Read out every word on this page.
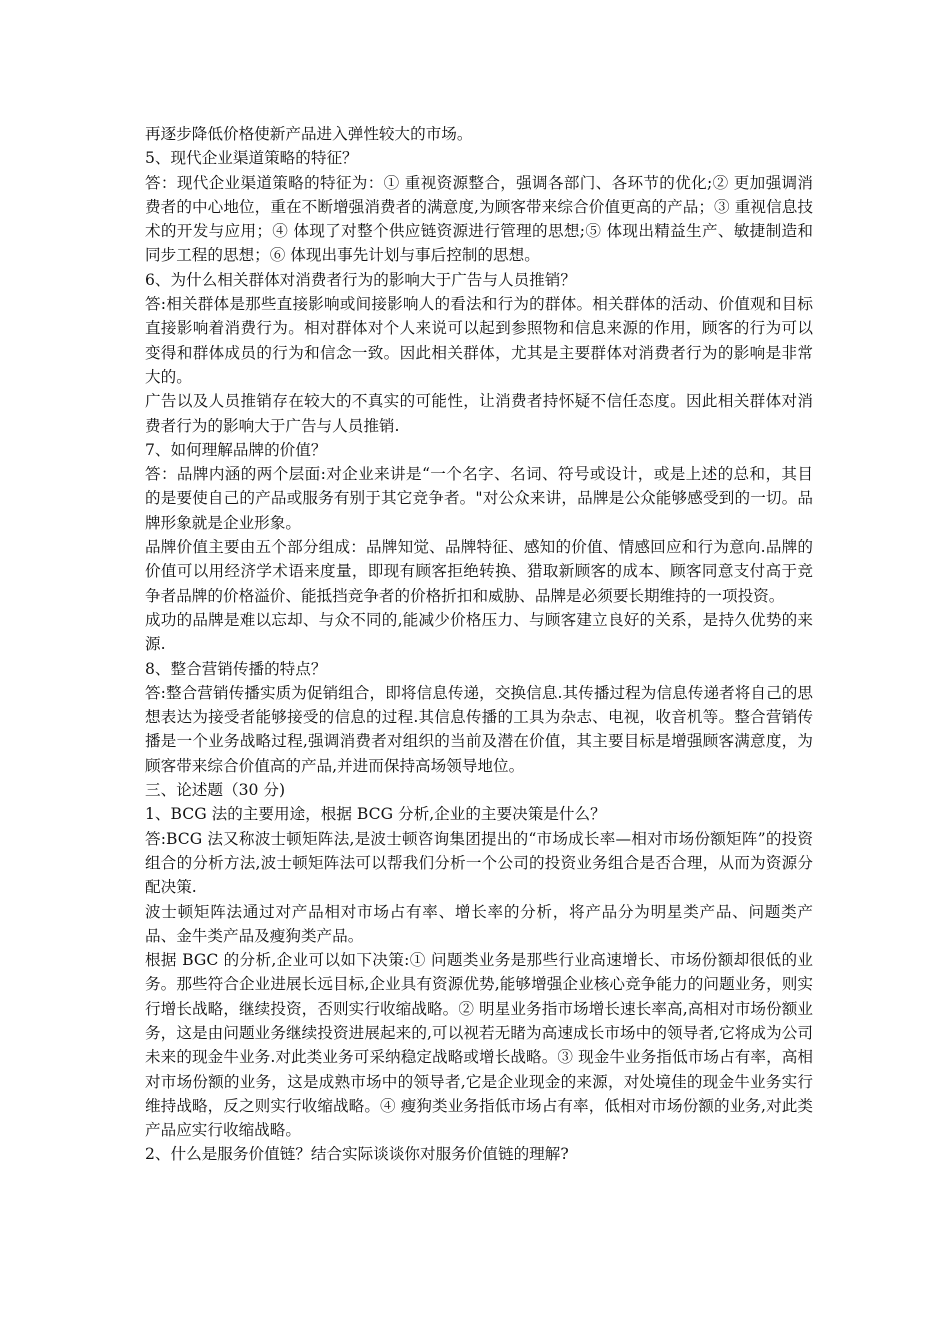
再逐步降低价格使新产品进入弹性较大的市场。

5、现代企业渠道策略的特征？

答：现代企业渠道策略的特征为：① 重视资源整合，强调各部门、各环节的优化;② 更加强调消费者的中心地位，重在不断增强消费者的满意度,为顾客带来综合价值更高的产品；③ 重视信息技术的开发与应用；④ 体现了对整个供应链资源进行管理的思想;⑤ 体现出精益生产、敏捷制造和同步工程的思想；⑥ 体现出事先计划与事后控制的思想。

6、为什么相关群体对消费者行为的影响大于广告与人员推销？

答:相关群体是那些直接影响或间接影响人的看法和行为的群体。相关群体的活动、价值观和目标直接影响着消费行为。相对群体对个人来说可以起到参照物和信息来源的作用，顾客的行为可以变得和群体成员的行为和信念一致。因此相关群体，尤其是主要群体对消费者行为的影响是非常大的。

广告以及人员推销存在较大的不真实的可能性，让消费者持怀疑不信任态度。因此相关群体对消费者行为的影响大于广告与人员推销.

7、如何理解品牌的价值？

答：品牌内涵的两个层面:对企业来讲是“一个名字、名词、符号或设计，或是上述的总和，其目的是要使自己的产品或服务有别于其它竞争者。"对公众来讲，品牌是公众能够感受到的一切。品牌形象就是企业形象。

品牌价值主要由五个部分组成：品牌知觉、品牌特征、感知的价值、情感回应和行为意向.品牌的价值可以用经济学术语来度量，即现有顾客拒绝转换、猎取新顾客的成本、顾客同意支付高于竞争者品牌的价格溢价、能抵挡竞争者的价格折扣和威胁、品牌是必须要长期维持的一项投资。

成功的品牌是难以忘却、与众不同的,能减少价格压力、与顾客建立良好的关系，是持久优势的来源.

8、整合营销传播的特点？

答:整合营销传播实质为促销组合，即将信息传递，交换信息.其传播过程为信息传递者将自己的思想表达为接受者能够接受的信息的过程.其信息传播的工具为杂志、电视，收音机等。整合营销传播是一个业务战略过程,强调消费者对组织的当前及潜在价值，其主要目标是增强顾客满意度，为顾客带来综合价值高的产品,并进而保持高场领导地位。

三、论述题（30 分)

1、BCG 法的主要用途，根据 BCG 分析,企业的主要决策是什么？

答:BCG 法又称波士顿矩阵法,是波士顿咨询集团提出的“市场成长率—相对市场份额矩阵”的投资组合的分析方法,波士顿矩阵法可以帮我们分析一个公司的投资业务组合是否合理，从而为资源分配决策.

波士顿矩阵法通过对产品相对市场占有率、增长率的分析，将产品分为明星类产品、问题类产品、金牛类产品及瘦狗类产品。

根据 BGC 的分析,企业可以如下决策:① 问题类业务是那些行业高速增长、市场份额却很低的业务。那些符合企业进展长远目标,企业具有资源优势,能够增强企业核心竞争能力的问题业务，则实行增长战略，继续投资，否则实行收缩战略。② 明星业务指市场增长速长率高,高相对市场份额业务，这是由问题业务继续投资进展起来的,可以视若无睹为高速成长市场中的领导者,它将成为公司未来的现金牛业务.对此类业务可采纳稳定战略或增长战略。③ 现金牛业务指低市场占有率，高相对市场份额的业务，这是成熟市场中的领导者,它是企业现金的来源，对处境佳的现金牛业务实行维持战略，反之则实行收缩战略。④ 瘦狗类业务指低市场占有率，低相对市场份额的业务,对此类产品应实行收缩战略。

2、什么是服务价值链？结合实际谈谈你对服务价值链的理解?
